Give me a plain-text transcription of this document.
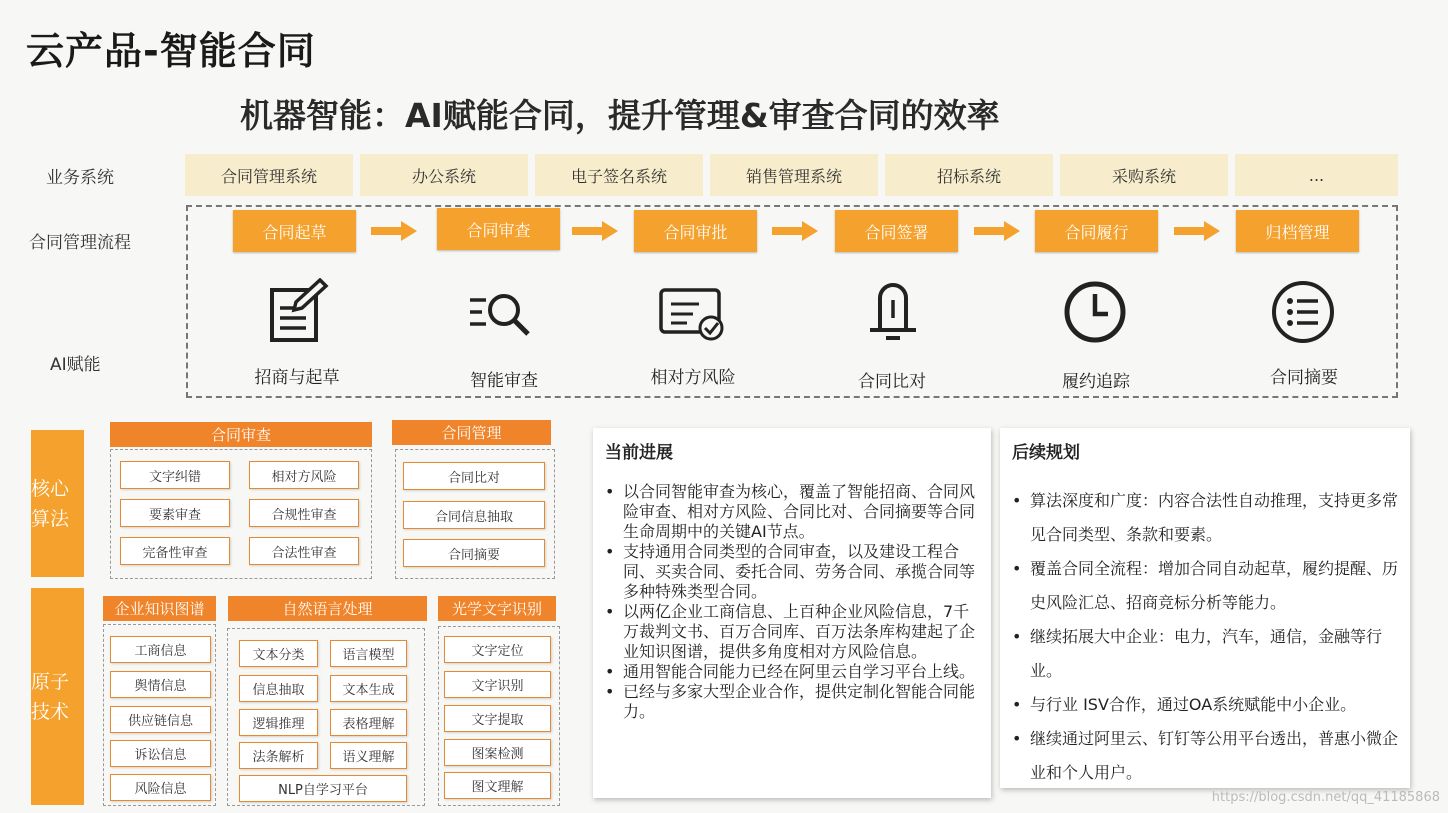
云产品-智能合同
机器智能：AI赋能合同，提升管理&审查合同的效率
业务系统
合同管理流程
AI赋能
合同管理系统	办公系统	电子签名系统	销售管理系统	招标系统	采购系统	...
合同起草	合同审查	合同审批	合同签署	合同履行	归档管理
招商与起草	智能审查	相对方风险	合同比对	履约追踪	合同摘要
核心算法
原子技术
合同审查
文字纠错	相对方风险
要素审查	合规性审查
完备性审查	合法性审查
合同管理
合同比对
合同信息抽取
合同摘要
企业知识图谱
工商信息
舆情信息
供应链信息
诉讼信息
风险信息
自然语言处理
文本分类	语言模型
信息抽取	文本生成
逻辑推理	表格理解
法条解析	语义理解
NLP自学习平台
光学文字识别
文字定位
文字识别
文字提取
图案检测
图文理解
当前进展
• 以合同智能审查为核心，覆盖了智能招商、合同风险审查、相对方风险、合同比对、合同摘要等合同生命周期中的关键AI节点。
• 支持通用合同类型的合同审查，以及建设工程合同、买卖合同、委托合同、劳务合同、承揽合同等多种特殊类型合同。
• 以两亿企业工商信息、上百种企业风险信息，7千万裁判文书、百万合同库、百万法条库构建起了企业知识图谱，提供多角度相对方风险信息。
• 通用智能合同能力已经在阿里云自学习平台上线。
• 已经与多家大型企业合作，提供定制化智能合同能力。
后续规划
• 算法深度和广度：内容合法性自动推理，支持更多常见合同类型、条款和要素。
• 覆盖合同全流程：增加合同自动起草，履约提醒、历史风险汇总、招商竞标分析等能力。
• 继续拓展大中企业：电力，汽车，通信，金融等行业。
• 与行业 ISV合作，通过OA系统赋能中小企业。
• 继续通过阿里云、钉钉等公用平台透出，普惠小微企业和个人用户。
https://blog.csdn.net/qq_41185868
